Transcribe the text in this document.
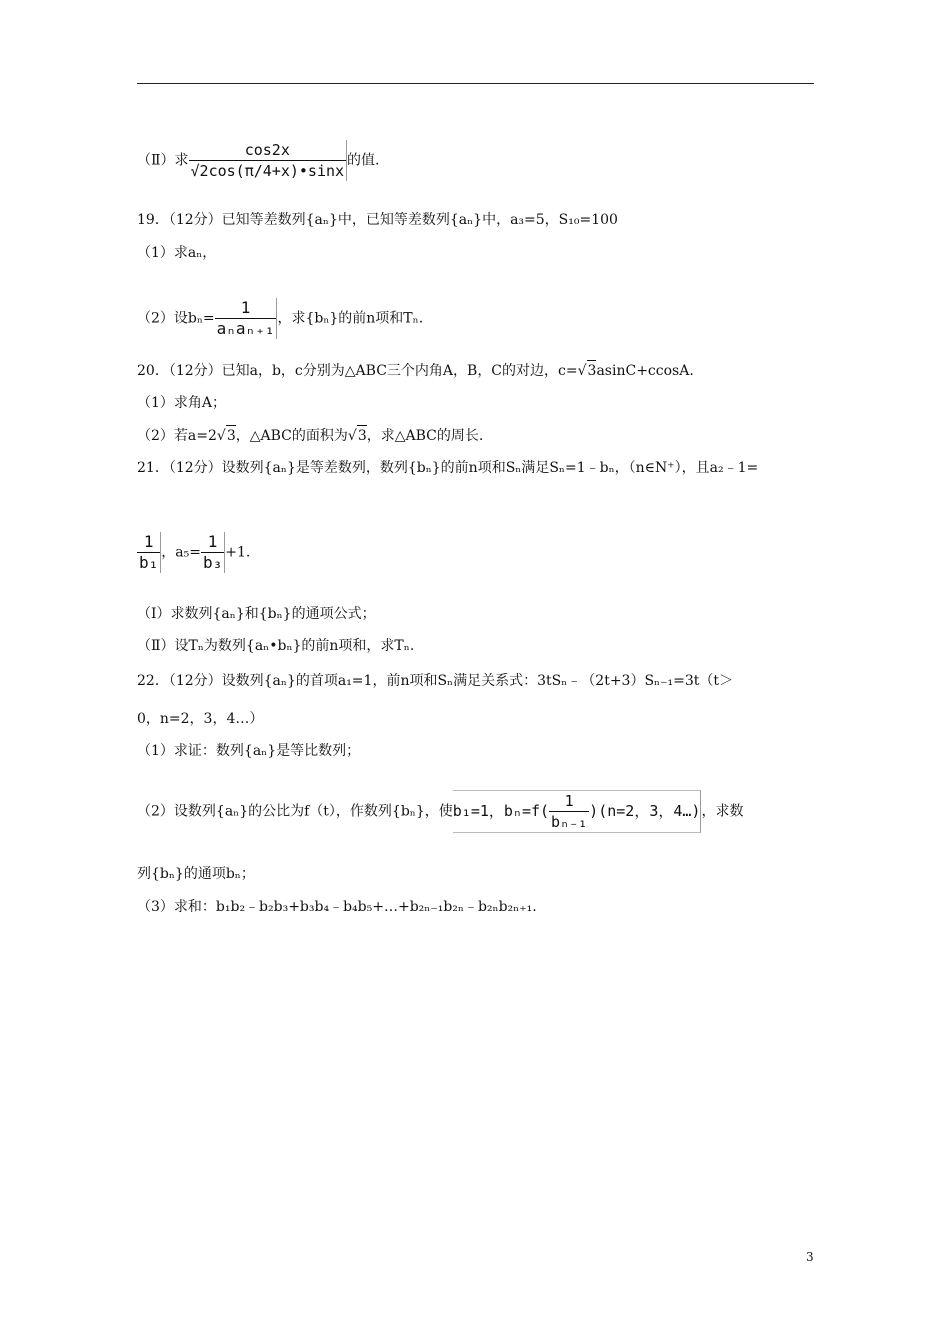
（Ⅱ）求 $\frac{\cos 2x}{√2\cos(\pi/4+x)•\sin x}$ 的值.
19．（12分）已知等差数列{aₙ}中，已知等差数列{aₙ}中，a₃=5，S₁₀=100
（1）求aₙ，
（2）设$b_n= \frac{1}{\text{aₙaₙ₊₁}}$ ，求{bₙ}的前n项和Tₙ.
20．（12分）已知a，b，c分别为△ABC三个内角A，B，C的对边，c=√3asinC+ccosA.
（1）求角A；
（2）若a=2√3，△ABC的面积为√3，求△ABC的周长.
21．（12分）设数列{aₙ}是等差数列，数列{bₙ}的前n项和Sₙ满足Sₙ=1﹣bₙ，（n∈N⁺），且a₂﹣1=
$\frac{1}{\text{b₁}}$ ，$a_5= \frac{1}{\text{b₃}} +1$.
（Ⅰ）求数列{aₙ}和{bₙ}的通项公式；
（Ⅱ）设Tₙ为数列{aₙ•bₙ}的前n项和，求Tₙ.
22．（12分）设数列{aₙ}的首项a₁=1，前n项和Sₙ满足关系式：3tSₙ﹣（2t+3）Sₙ₋₁=3t（t＞
0，n=2，3，4…）
（1）求证：数列{aₙ}是等比数列；
（2）设数列{aₙ}的公比为f（t），作数列{bₙ}，使b₁=1，$b_n=f( \frac{1}{\text{bₙ₋₁}} )(n=2$，3，4…)，求数
列{bₙ}的通项bₙ；
（3）求和：b₁b₂﹣b₂b₃+b₃b₄﹣b₄b₅+…+b₂ₙ₋₁b₂ₙ﹣b₂ₙb₂ₙ₊₁.
3
